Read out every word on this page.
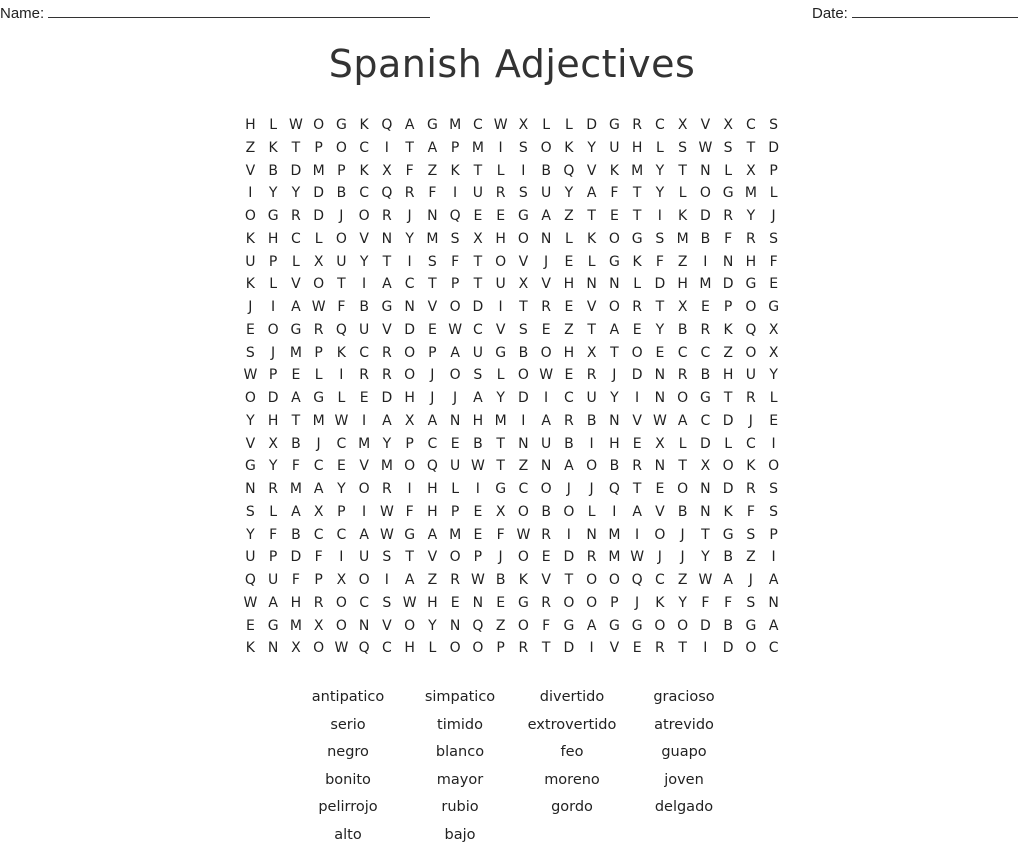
Name:	Date:
Spanish Adjectives
H L W O G K Q A G M C W X	L	L D G R C X V X C S
Z K T	P O C	I	T A P M	I	S O K Y U H L	S W S	T D
V B D M P K X F Z K T	L	I	B Q V K M Y	T N L	X P
I	Y	Y D B C Q R F	I	U R S U Y A F	T	Y	L O G M L
O G R D	J	O R	J	N Q E E G A Z T	E	T	I	K D R Y	J
K H C L O V N Y M S X H O N L	K O G S M B F R S
U P	L	X U Y	T	I	S	F	T O V	J	E	L G K	F Z	I	N H F
K	L	V O T	I	A C T	P	T U X V H N N L D H M D G E
J	I	A W F B G N V O D	I	T R E V O R T X E	P O G
E O G R Q U V D E W C V S E Z T A E	Y B R K Q X
S	J	M P K C R O P A U G B O H X T O E C C Z O X
W P	E	L	I	R R O	J	O S	L O W E R	J	D N R B H U Y
O D A G L	E D H	J	J	A Y D	I	C U Y	I	N O G T R L
Y H T M W I	A X A N H M	I	A R B N V W A C D	J	E
V X B	J	C M Y	P C E B T N U B	I	H E X	L D L C	I
G Y	F C E V M O Q U W T Z N A O B R N T X O K O
N R M A Y O R	I	H L	I	G C O	J	J	Q T	E O N D R S
S	L	A X P	I W F H P	E X O B O L	I	A V B N K	F	S
Y	F B C C A W G A M E	F W R	I	N M	I	O	J	T G S	P
U P D F	I	U S	T V O P	J	O E D R M W J	J	Y B Z	I
Q U F	P X O	I	A Z R W B K V T O O Q C Z W A	J	A
W A H R O C S W H E N E G R O O P	J	K Y	F	F	S N
E G M X O N V O Y N Q Z O F G A G G O O D B G A
K N X O W Q C H L O O P R T D	I	V E R T	I	D O C
antipatico	simpatico	divertido	gracioso
serio	timido	extrovertido	atrevido
negro	blanco	feo	guapo
bonito	mayor	moreno	joven
pelirrojo	rubio	gordo	delgado
alto	bajo
